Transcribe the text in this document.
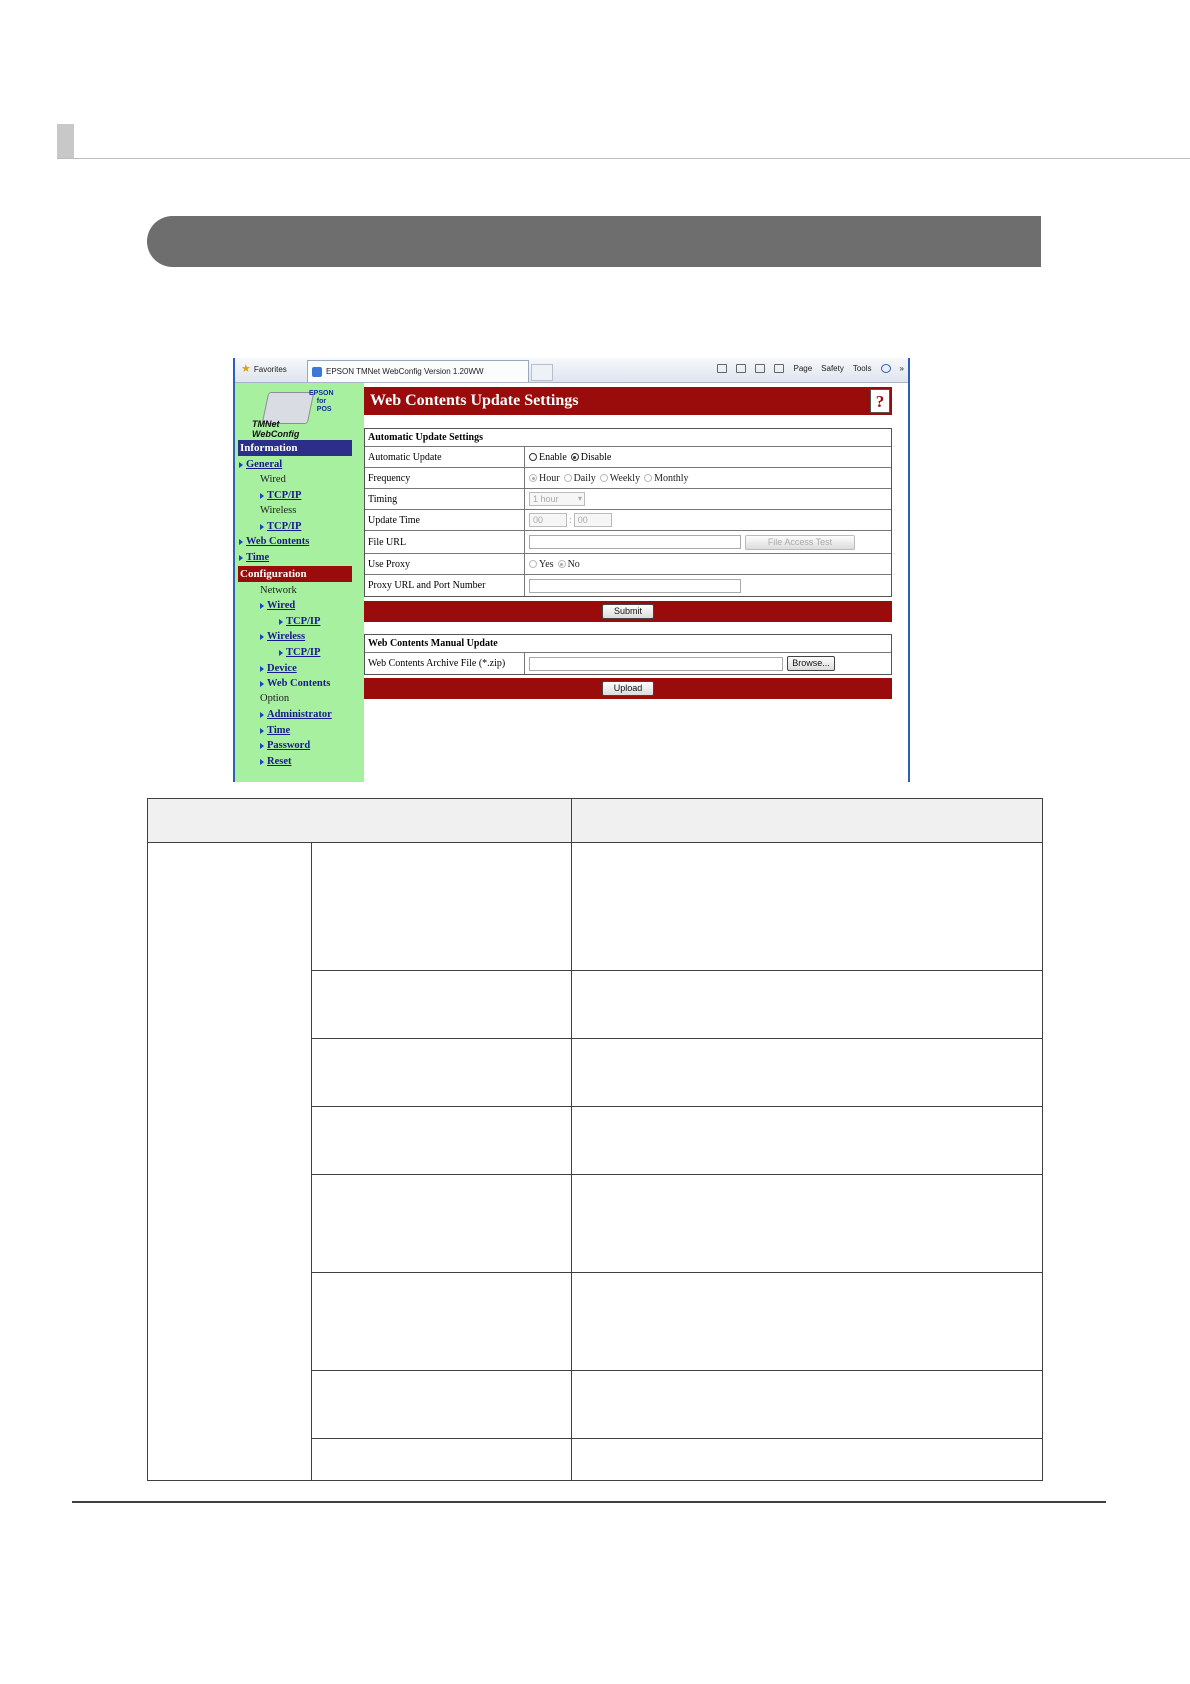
★ Favorites	EPSON TMNet WebConfig Version 1.20WW	Page Safety Tools	»
EPSON
for
POS
TMNet
WebConfig
Information
General
Wired
TCP/IP
Wireless
TCP/IP
Web Contents
Time
Configuration
Network
Wired
TCP/IP
Wireless
TCP/IP
Device
Web Contents
Option
Administrator
Time
Password
Reset
Web Contents Update Settings	?
Automatic Update Settings
Automatic Update	Enable	Disable
Frequency	Hour	Daily	Weekly	Monthly
Timing	1 hour ▾
Update Time	00	: 00
File URL	File Access Test
Use Proxy	Yes	No
Proxy URL and Port Number
Submit
Web Contents Manual Update
Web Contents Archive File (*.zip)	Browse...
Upload
